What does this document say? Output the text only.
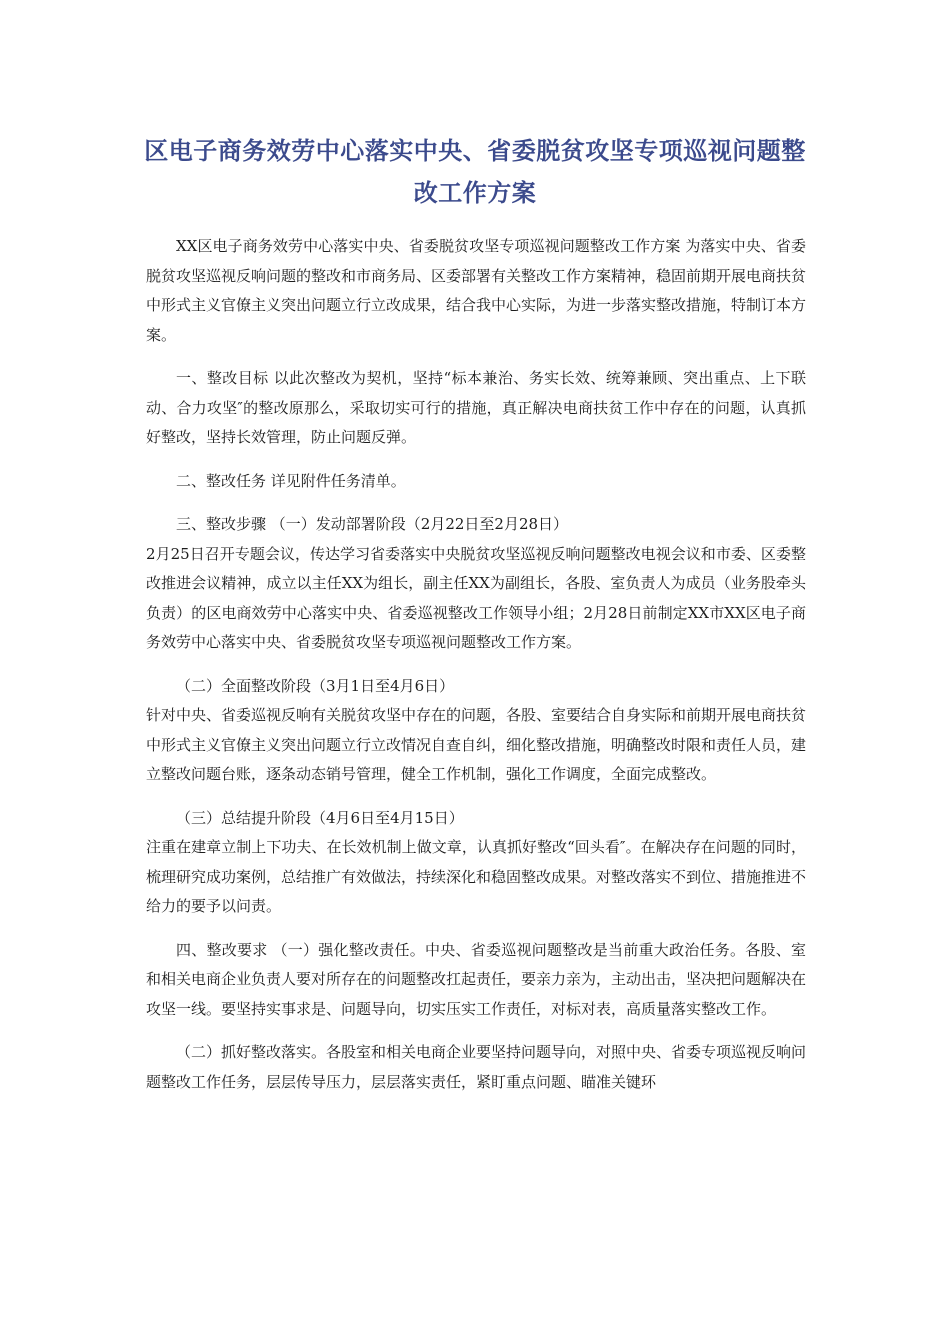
区电子商务效劳中心落实中央、省委脱贫攻坚专项巡视问题整改工作方案

XX区电子商务效劳中心落实中央、省委脱贫攻坚专项巡视问题整改工作方案 为落实中央、省委脱贫攻坚巡视反响问题的整改和市商务局、区委部署有关整改工作方案精神，稳固前期开展电商扶贫中形式主义官僚主义突出问题立行立改成果，结合我中心实际，为进一步落实整改措施，特制订本方案。

一、整改目标 以此次整改为契机，坚持“标本兼治、务实长效、统筹兼顾、突出重点、上下联动、合力攻坚″的整改原那么，采取切实可行的措施，真正解决电商扶贫工作中存在的问题，认真抓好整改，坚持长效管理，防止问题反弹。

二、整改任务 详见附件任务清单。

三、整改步骤 （一）发动部署阶段（2月22日至2月28日）

2月25日召开专题会议，传达学习省委落实中央脱贫攻坚巡视反响问题整改电视会议和市委、区委整改推进会议精神，成立以主任XX为组长，副主任XX为副组长，各股、室负责人为成员（业务股牵头负责）的区电商效劳中心落实中央、省委巡视整改工作领导小组；2月28日前制定XX市XX区电子商务效劳中心落实中央、省委脱贫攻坚专项巡视问题整改工作方案。

（二）全面整改阶段（3月1日至4月6日）

针对中央、省委巡视反响有关脱贫攻坚中存在的问题，各股、室要结合自身实际和前期开展电商扶贫中形式主义官僚主义突出问题立行立改情况自查自纠，细化整改措施，明确整改时限和责任人员，建立整改问题台账，逐条动态销号管理，健全工作机制，强化工作调度，全面完成整改。

（三）总结提升阶段（4月6日至4月15日）

注重在建章立制上下功夫、在长效机制上做文章，认真抓好整改“回头看″。在解决存在问题的同时，梳理研究成功案例，总结推广有效做法，持续深化和稳固整改成果。对整改落实不到位、措施推进不给力的要予以问责。

四、整改要求 （一）强化整改责任。中央、省委巡视问题整改是当前重大政治任务。各股、室和相关电商企业负责人要对所存在的问题整改扛起责任，要亲力亲为，主动出击，坚决把问题解决在攻坚一线。要坚持实事求是、问题导向，切实压实工作责任，对标对表，高质量落实整改工作。

（二）抓好整改落实。各股室和相关电商企业要坚持问题导向，对照中央、省委专项巡视反响问题整改工作任务，层层传导压力，层层落实责任，紧盯重点问题、瞄准关键环
